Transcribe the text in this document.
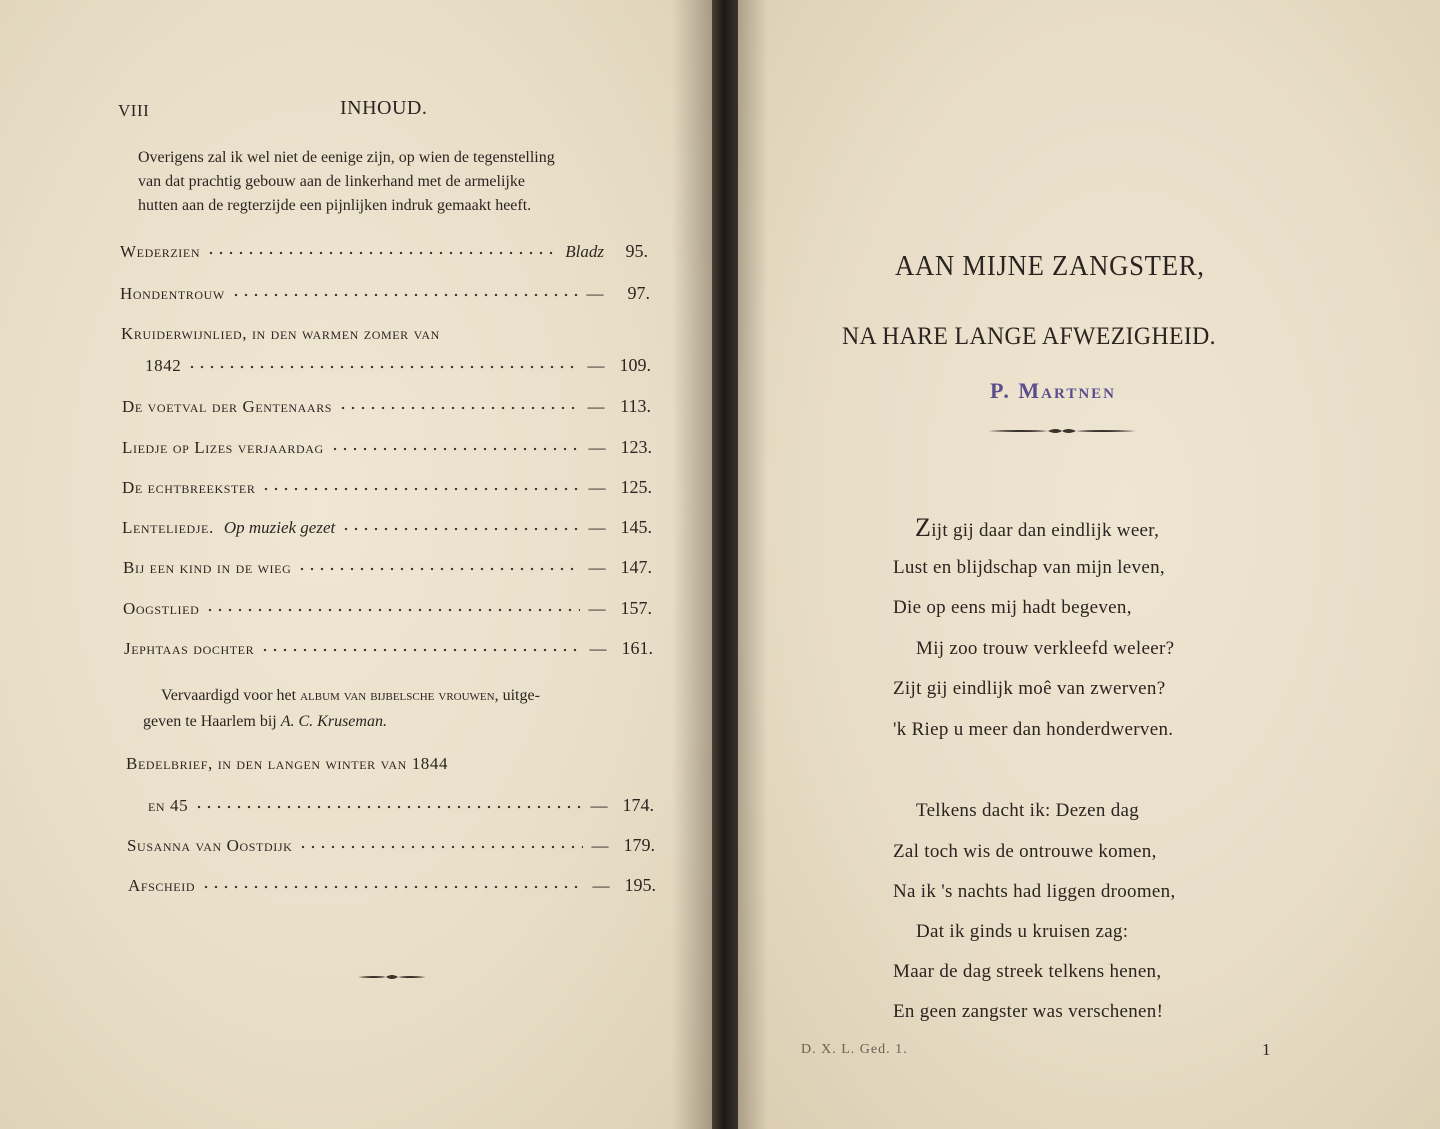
VIII	INHOUD.
Overigens zal ik wel niet de eenige zijn, op wien de tegenstelling
van dat prachtig gebouw aan de linkerhand met de armelijke
hutten aan de regterzijde een pijnlijken indruk gemaakt heeft.
Wederzien	Bladz	95.
Hondentrouw	—	97.
Kruiderwijnlied, in den warmen zomer van
1842	— 109.
De voetval der Gentenaars	— 113.
Liedje op Lizes verjaardag	— 123.
De echtbreekster	— 125.
Lenteliedje. Op muziek gezet	— 145.
Bij een kind in de wieg	— 147.
Oogstlied	— 157.
Jephtaas dochter	— 161.
Vervaardigd voor het album van bijbelsche vrouwen, uitge-
geven te Haarlem bij A. C. Kruseman.
Bedelbrief, in den langen winter van 1844
en 45	— 174.
Susanna van Oostdijk	— 179.
Afscheid	— 195.
AAN MIJNE ZANGSTER,
NA HARE LANGE AFWEZIGHEID.
P. Martnen
Zijt gij daar dan eindlijk weer,
Lust en blijdschap van mijn leven,
Die op eens mij hadt begeven,
Mij zoo trouw verkleefd weleer?
Zijt gij eindlijk moê van zwerven?
'k Riep u meer dan honderdwerven.
Telkens dacht ik: Dezen dag
Zal toch wis de ontrouwe komen,
Na ik 's nachts had liggen droomen,
Dat ik ginds u kruisen zag:
Maar de dag streek telkens henen,
En geen zangster was verschenen!
D. X. L. Ged. 1.	1
